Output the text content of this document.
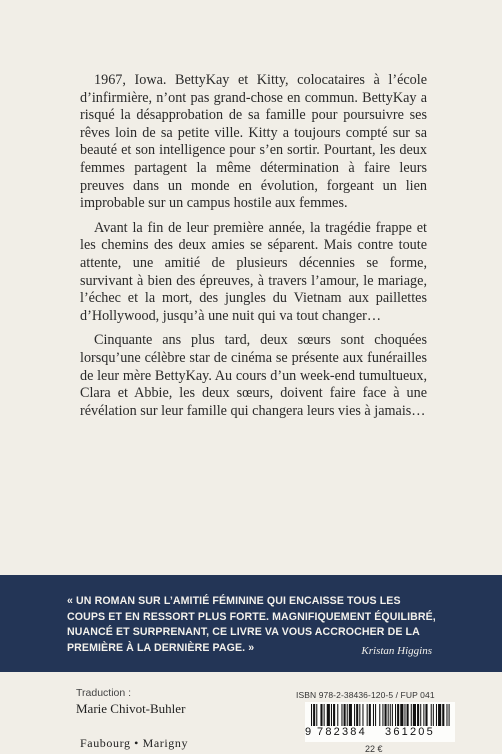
1967, Iowa. BettyKay et Kitty, colocataires à l’école d’infirmière, n’ont pas grand-chose en commun. BettyKay a risqué la désapprobation de sa famille pour poursuivre ses rêves loin de sa petite ville. Kitty a toujours compté sur sa beauté et son intelligence pour s’en sortir. Pourtant, les deux femmes partagent la même détermination à faire leurs preuves dans un monde en évolution, forgeant un lien improbable sur un campus hostile aux femmes.

Avant la fin de leur première année, la tragédie frappe et les chemins des deux amies se séparent. Mais contre toute attente, une amitié de plusieurs décennies se forme, survivant à bien des épreuves, à travers l’amour, le mariage, l’échec et la mort, des jungles du Vietnam aux paillettes d’Hollywood, jusqu’à une nuit qui va tout changer…

Cinquante ans plus tard, deux sœurs sont choquées lorsqu’une célèbre star de cinéma se présente aux funérailles de leur mère BettyKay. Au cours d’un week-end tumultueux, Clara et Abbie, les deux sœurs, doivent faire face à une révélation sur leur famille qui changera leurs vies à jamais…

« UN ROMAN SUR L’AMITIÉ FÉMININE QUI ENCAISSE TOUS LES COUPS ET EN RESSORT PLUS FORTE. MAGNIFIQUEMENT ÉQUILIBRÉ, NUANCÉ ET SURPRENANT, CE LIVRE VA VOUS ACCROCHER DE LA PREMIÈRE À LA DERNIÈRE PAGE. »	Kristan Higgins
Traduction :
Marie Chivot-Buhler
Faubourg • Marigny
ISBN 978-2-38436-120-5 / FUP 041
9 782384 361205
22 €
